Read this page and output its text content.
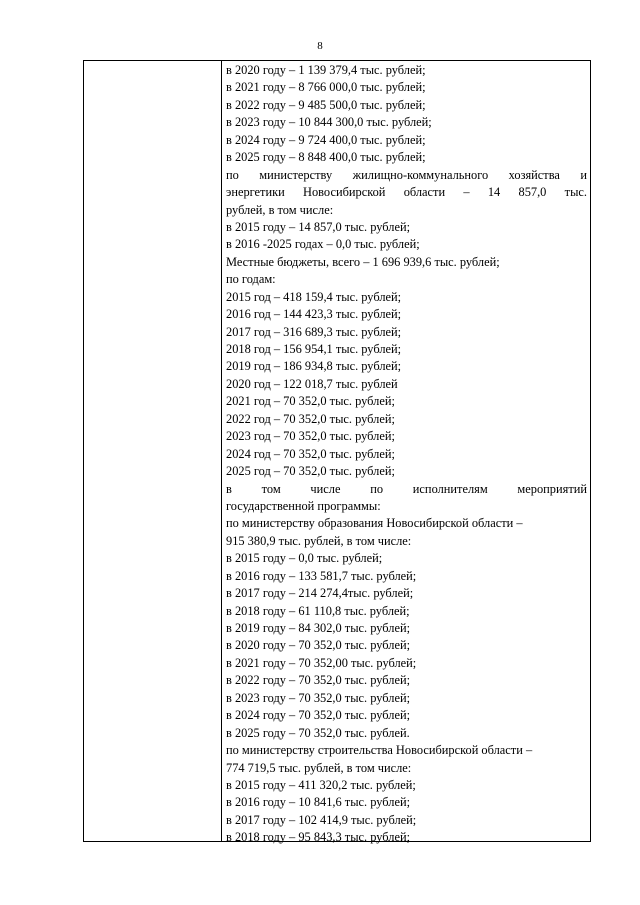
8
в 2020 году – 1 139 379,4 тыс. рублей;
в 2021 году – 8 766 000,0 тыс. рублей;
в 2022 году – 9 485 500,0 тыс. рублей;
в 2023 году – 10 844 300,0 тыс. рублей;
в 2024 году – 9 724 400,0 тыс. рублей;
в 2025 году – 8 848 400,0 тыс. рублей;
по министерству жилищно-коммунального хозяйства и
энергетики Новосибирской области – 14 857,0 тыс.
рублей, в том числе:
в 2015 году – 14 857,0 тыс. рублей;
в 2016 -2025 годах – 0,0 тыс. рублей;
Местные бюджеты, всего – 1 696 939,6 тыс. рублей;
по годам:
2015 год – 418 159,4 тыс. рублей;
2016 год – 144 423,3 тыс. рублей;
2017 год – 316 689,3 тыс. рублей;
2018 год – 156 954,1 тыс. рублей;
2019 год – 186 934,8 тыс. рублей;
2020 год – 122 018,7 тыс. рублей
2021 год – 70 352,0 тыс. рублей;
2022 год – 70 352,0 тыс. рублей;
2023 год – 70 352,0 тыс. рублей;
2024 год – 70 352,0 тыс. рублей;
2025 год – 70 352,0 тыс. рублей;
в том числе по исполнителям мероприятий
государственной программы:
по министерству образования Новосибирской области –
915 380,9 тыс. рублей, в том числе:
в 2015 году – 0,0 тыс. рублей;
в 2016 году – 133 581,7 тыс. рублей;
в 2017 году – 214 274,4тыс. рублей;
в 2018 году – 61 110,8 тыс. рублей;
в 2019 году – 84 302,0 тыс. рублей;
в 2020 году – 70 352,0 тыс. рублей;
в 2021 году – 70 352,00 тыс. рублей;
в 2022 году – 70 352,0 тыс. рублей;
в 2023 году – 70 352,0 тыс. рублей;
в 2024 году – 70 352,0 тыс. рублей;
в 2025 году – 70 352,0 тыс. рублей.
по министерству строительства Новосибирской области –
774 719,5 тыс. рублей, в том числе:
в 2015 году – 411 320,2 тыс. рублей;
в 2016 году – 10 841,6 тыс. рублей;
в 2017 году – 102 414,9 тыс. рублей;
в 2018 году – 95 843,3 тыс. рублей;
